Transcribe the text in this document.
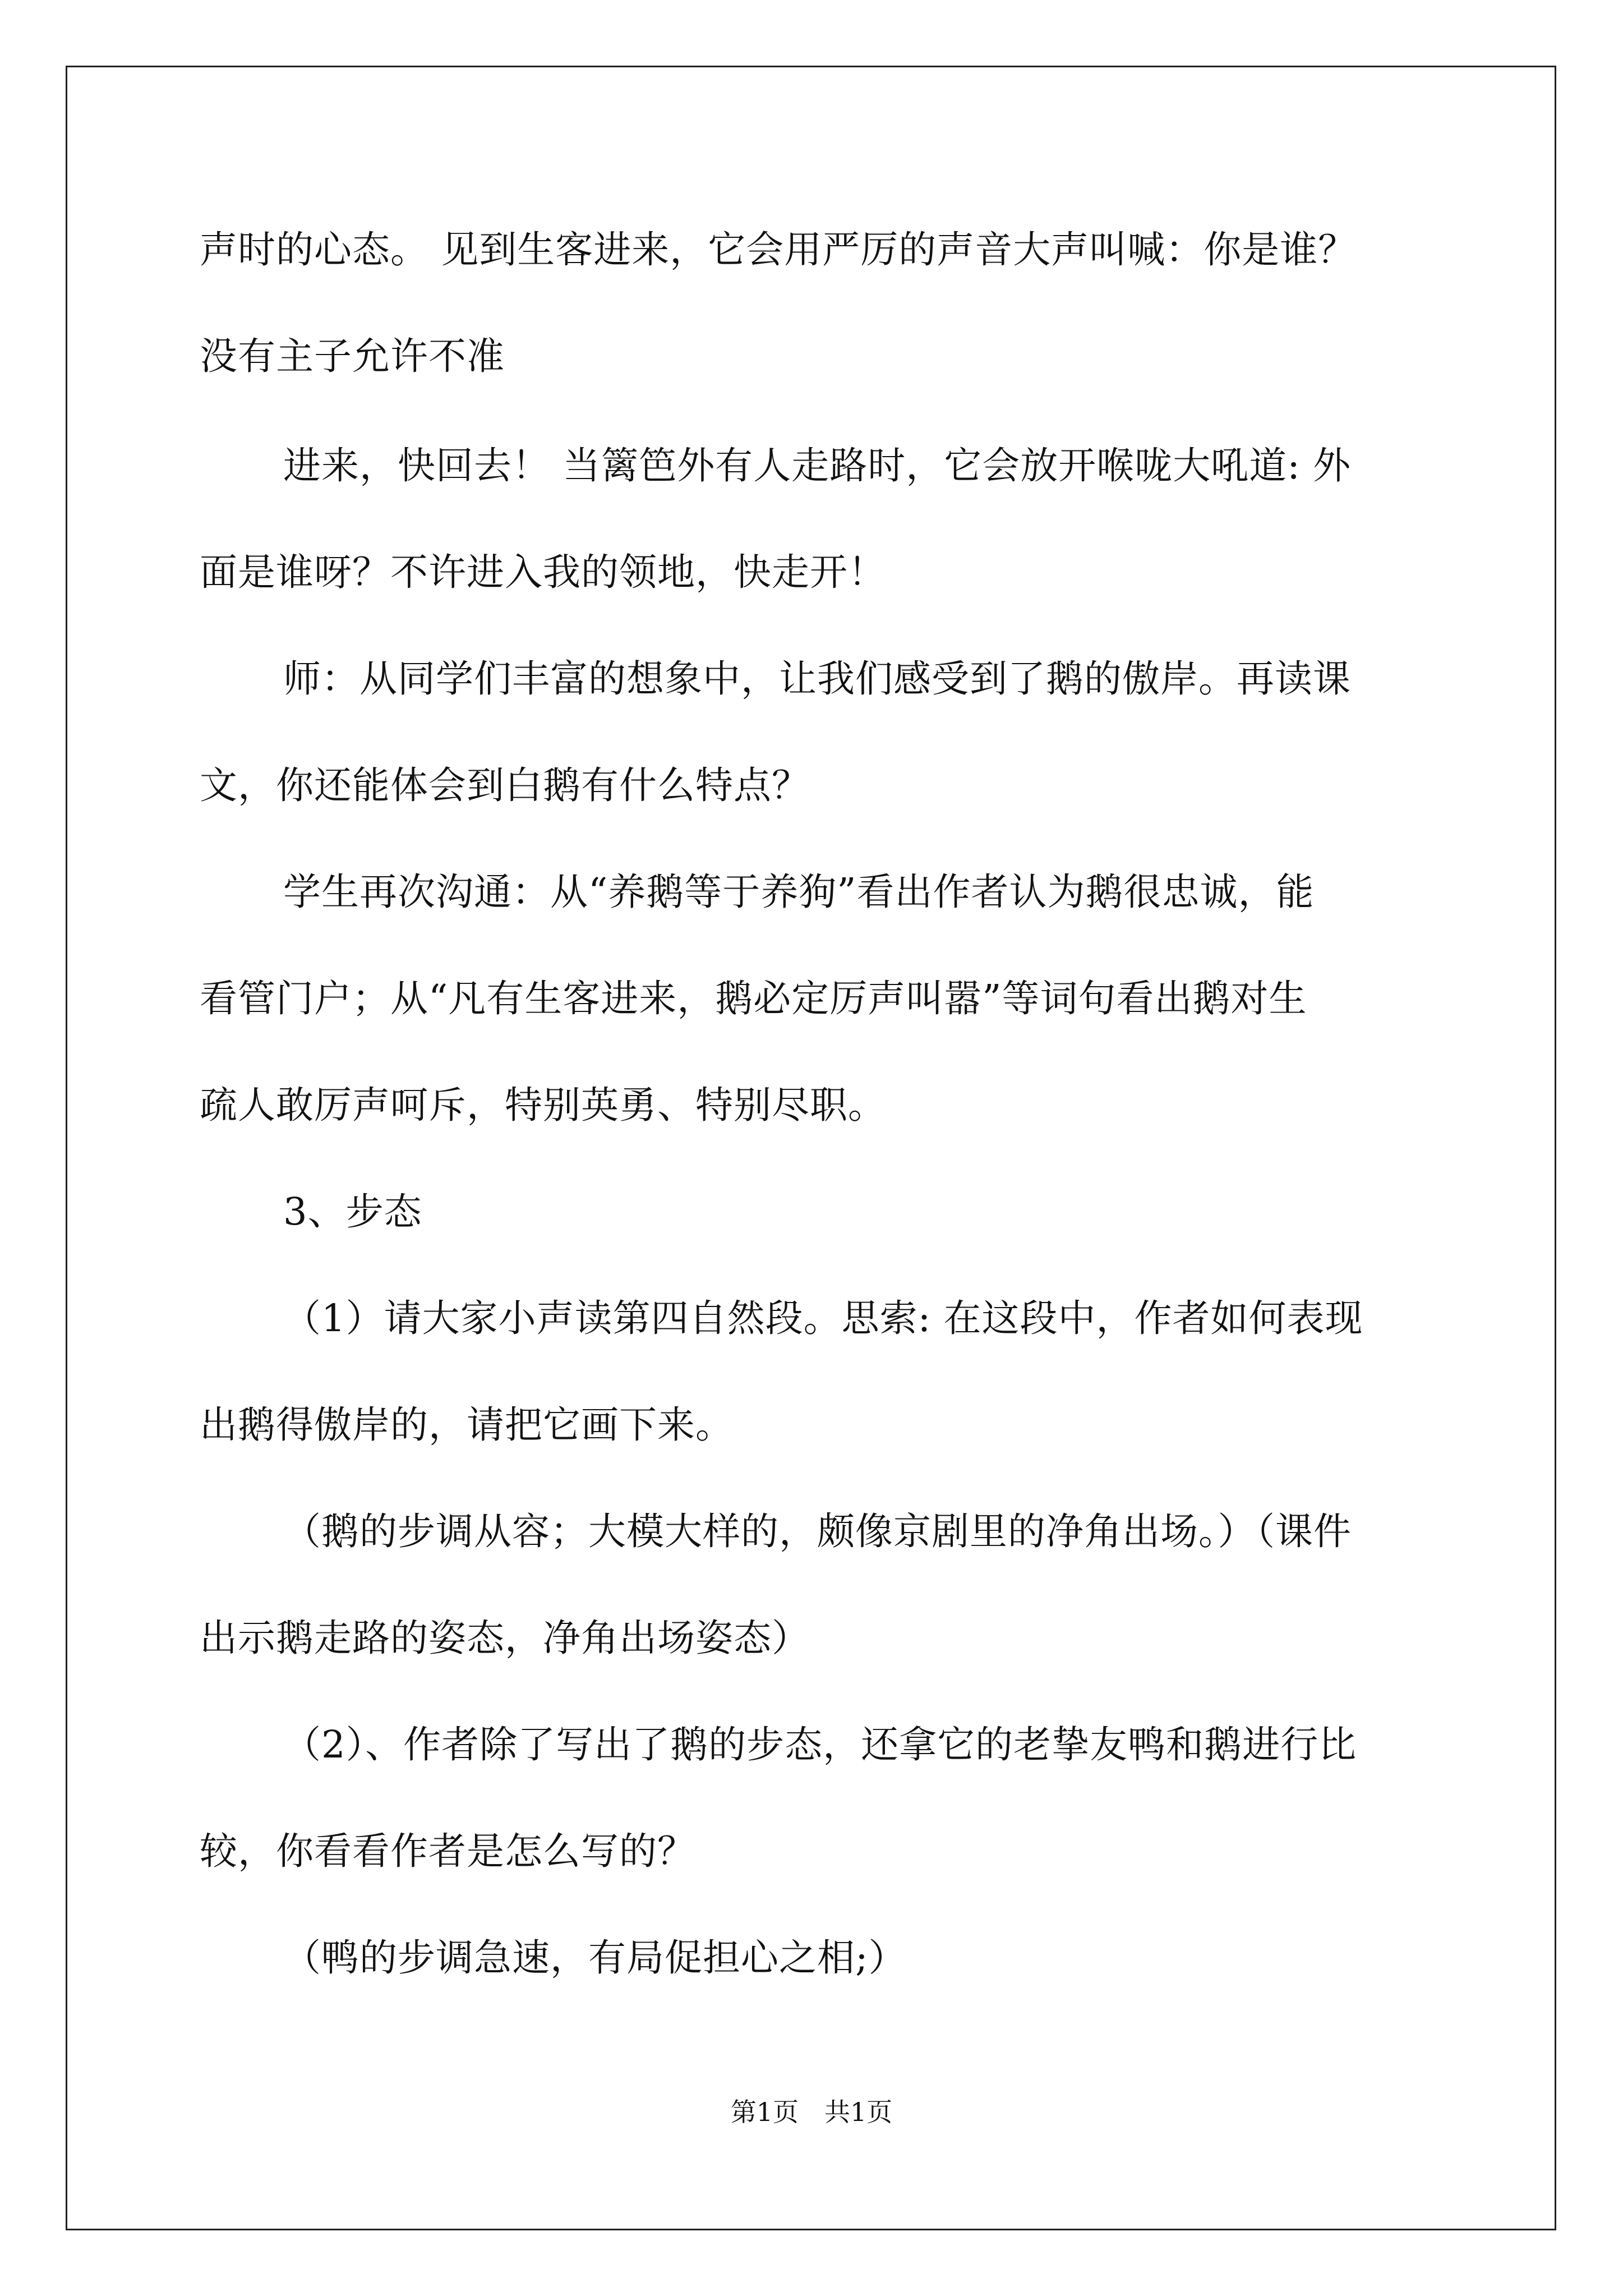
声时的心态。 见到生客进来，它会用严厉的声音大声叫喊：你是谁？
没有主子允许不准
进来，快回去！ 当篱笆外有人走路时，它会放开喉咙大吼道: 外
面是谁呀？不许进入我的领地，快走开！
师：从同学们丰富的想象中，让我们感受到了鹅的傲岸。再读课
文，你还能体会到白鹅有什么特点？
学生再次沟通：从“养鹅等于养狗”看出作者认为鹅很忠诚，能
看管门户；从“凡有生客进来，鹅必定厉声叫嚣”等词句看出鹅对生
疏人敢厉声呵斥，特别英勇、特别尽职。
3、步态
（1）请大家小声读第四自然段。思索: 在这段中，作者如何表现
出鹅得傲岸的，请把它画下来。
（鹅的步调从容；大模大样的，颇像京剧里的净角出场。）（课件
出示鹅走路的姿态，净角出场姿态）
（2）、作者除了写出了鹅的步态，还拿它的老挚友鸭和鹅进行比
较，你看看作者是怎么写的？
（鸭的步调急速，有局促担心之相;）
第1页　共1页
